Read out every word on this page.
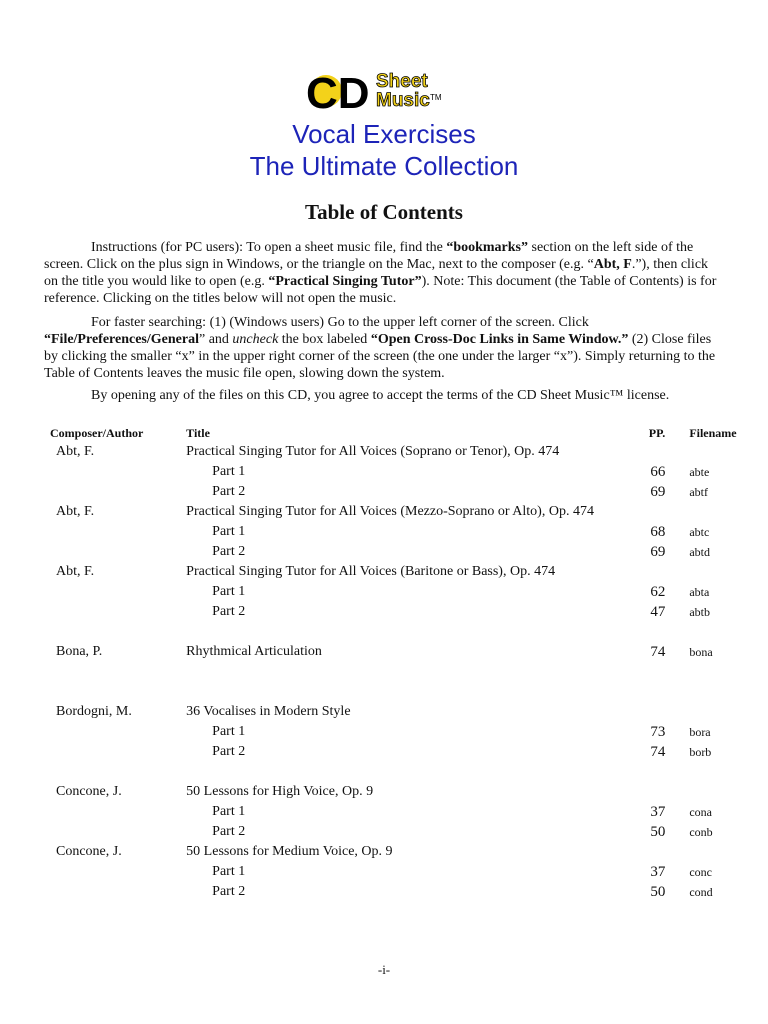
CD Sheet
Music TM
Vocal Exercises
The Ultimate Collection
Table of Contents
Instructions (for PC users): To open a sheet music file, find the “bookmarks” section on the left side of the screen. Click on the plus sign in Windows, or the triangle on the Mac, next to the composer (e.g. “Abt, F.”), then click on the title you would like to open (e.g. “Practical Singing Tutor”). Note: This document (the Table of Contents) is for reference. Clicking on the titles below will not open the music.
For faster searching: (1) (Windows users) Go to the upper left corner of the screen. Click “File/Preferences/General” and uncheck the box labeled “Open Cross-Doc Links in Same Window.” (2) Close files by clicking the smaller “x” in the upper right corner of the screen (the one under the larger “x”). Simply returning to the Table of Contents leaves the music file open, slowing down the system.
By opening any of the files on this CD, you agree to accept the terms of the CD Sheet Music™ license.
Composer/Author	Title	PP.	Filename
Abt, F.	Practical Singing Tutor for All Voices (Soprano or Tenor), Op. 474		
	Part 1	66	abte
	Part 2	69	abtf
Abt, F.	Practical Singing Tutor for All Voices (Mezzo-Soprano or Alto), Op. 474		
	Part 1	68	abtc
	Part 2	69	abtd
Abt, F.	Practical Singing Tutor for All Voices (Baritone or Bass), Op. 474		
	Part 1	62	abta
	Part 2	47	abtb

Bona, P.	Rhythmical Articulation	74	bona

Bordogni, M.	36 Vocalises in Modern Style		
	Part 1	73	bora
	Part 2	74	borb

Concone, J.	50 Lessons for High Voice, Op. 9		
	Part 1	37	cona
	Part 2	50	conb
Concone, J.	50 Lessons for Medium Voice, Op. 9		
	Part 1	37	conc
	Part 2	50	cond
-i-
